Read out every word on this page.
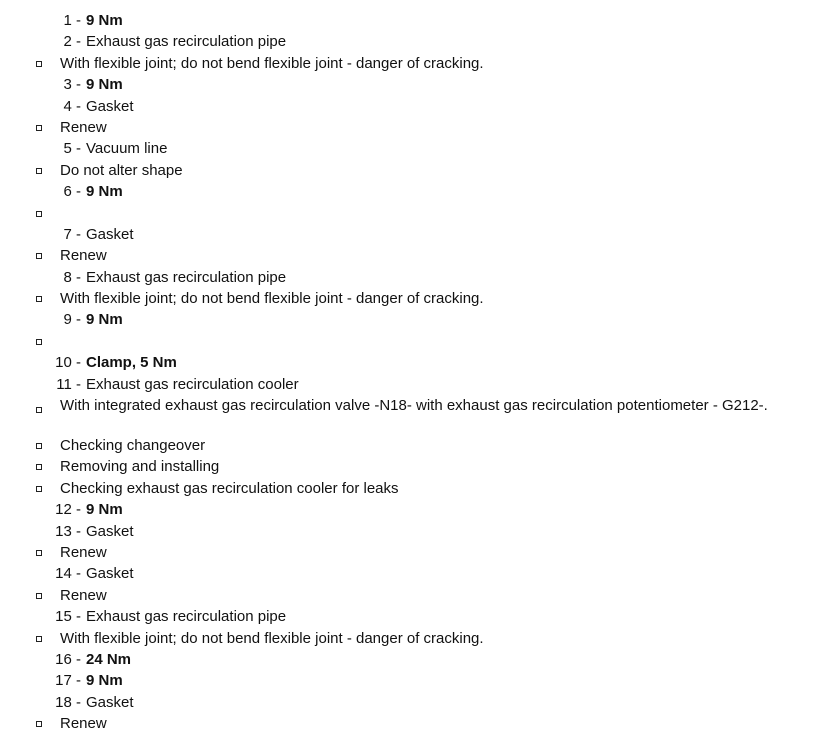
1 - 9 Nm
2 - Exhaust gas recirculation pipe
With flexible joint; do not bend flexible joint - danger of cracking.
3 - 9 Nm
4 - Gasket
Renew
5 - Vacuum line
Do not alter shape
6 - 9 Nm
7 - Gasket
Renew
8 - Exhaust gas recirculation pipe
With flexible joint; do not bend flexible joint - danger of cracking.
9 - 9 Nm
10 - Clamp, 5 Nm
11 - Exhaust gas recirculation cooler
With integrated exhaust gas recirculation valve -N18- with exhaust gas recirculation potentiometer - G212-.
Checking changeover
Removing and installing
Checking exhaust gas recirculation cooler for leaks
12 - 9 Nm
13 - Gasket
Renew
14 - Gasket
Renew
15 - Exhaust gas recirculation pipe
With flexible joint; do not bend flexible joint - danger of cracking.
16 - 24 Nm
17 - 9 Nm
18 - Gasket
Renew
